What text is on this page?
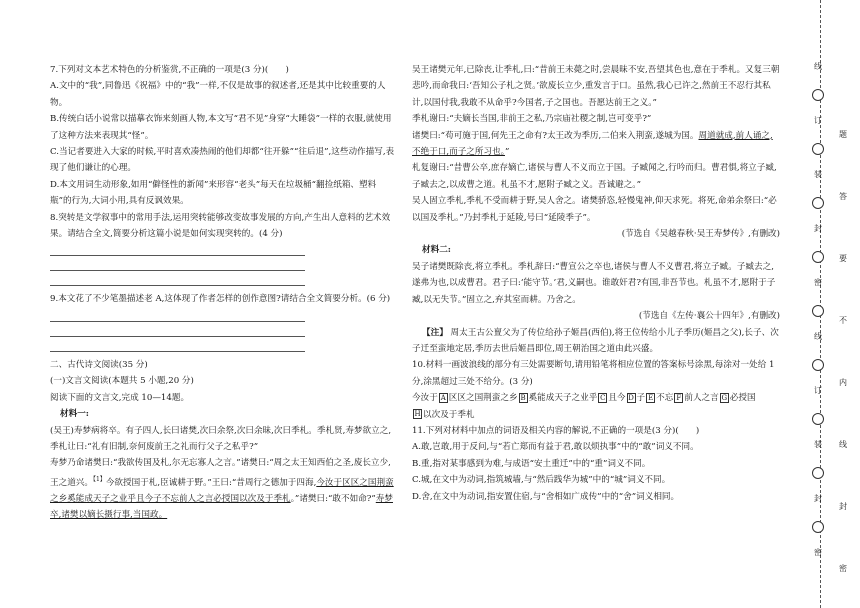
7.下列对文本艺术特色的分析鉴赏,不正确的一项是(3 分)(　　)

A.文中的“我”,同鲁迅《祝福》中的“我”一样,不仅是故事的叙述者,还是其中比较重要的人物。

B.传统白话小说常以描摹衣饰来刻画人物,本文写“君不见”身穿“大睡袋”一样的衣服,就使用了这种方法来表现其“怪”。

C.当记者要进入大家的时候,平时喜欢凑热闹的他们却都“往开躲”“往后退”,这些动作描写,表现了他们谦让的心理。

D.本文用词生动形象,如用“僻怪性的新闻”来形容“老头”每天在垃圾桶“翻捡纸箱、塑料瓶”的行为,大词小用,具有反讽效果。

8.突转是文学叙事中的常用手法,运用突转能够改变故事发展的方向,产生出人意料的艺术效果。请结合全文,简要分析这篇小说是如何实现突转的。(4 分)

9.本文花了不少笔墨描述老 A,这体现了作者怎样的创作意图?请结合全文简要分析。(6 分)

二、古代诗文阅读(35 分)

(一)文言文阅读(本题共 5 小题,20 分)

阅读下面的文言文,完成 10—14题。

材料一:

(吴王)寿梦病将卒。有子四人,长曰诸樊,次曰余祭,次曰余昧,次曰季札。季札贤,寿梦欲立之,季札让曰:“礼有旧制,奈何废前王之礼而行父子之私乎?”

寿梦乃命诸樊曰:“我欲传国及札,尔无忘寡人之言。”诸樊曰:“周之太王知西伯之圣,废长立少,王之道兴。$^{【1】}$今欲授国于札,臣诚耕于野。”王曰:“昔周行之德加于四海,今汝于区区之国荆蛮之乡奚能成天子之业乎且今子不忘前人之言必授国以次及于季札。”诸樊曰:“敢不如命?”寿梦卒,诸樊以嫡长摄行事,当国政。

吴王诸樊元年,已除丧,让季札,曰:“昔前王未薨之时,尝晨昧不安,吾望其色也,意在于季札。又复三朝悲吟,而命我曰:‘吾知公子札之贤。’欲废长立少,重发言于口。虽然,我心已许之,然前王不忍行其私计,以国付我,我敢不从命乎?今国者,子之国也。吾愿达前王之义。”

季札谢曰:“夫嫡长当国,非前王之私,乃宗庙社稷之制,岂可变乎?”

诸樊曰:“苟可施于国,何先王之命有?太王改为季历,二伯来入荆蛮,遂城为国。周道就成,前人诵之,不绝于口,而子之所习也。”

札复谢曰:“昔曹公卒,庶存嫡亡,诸侯与曹人不义而立于国。子臧闻之,行吟而归。曹君惧,将立子臧,子臧去之,以成曹之道。札虽不才,愿附子臧之义。吾诚避之。”

吴人固立季札,季札不受而耕于野,吴人舍之。诸樊骄恣,轻慢鬼神,仰天求死。将死,命弟余祭曰:“必以国及季札。”乃封季札于延陵,号曰“延陵季子”。

(节选自《吴越春秋·吴王寿梦传》,有删改)

材料二:

吴子诸樊既除丧,将立季札。季札辞曰:“曹宣公之卒也,诸侯与曹人不义曹君,将立子臧。子臧去之,遂弗为也,以成曹君。君子曰:‘能守节。’君,义嗣也。谁敢奸君?有国,非吾节也。札虽不才,愿附于子臧,以无失节。”固立之,弃其室而耕。乃舍之。

(节选自《左传·襄公十四年》,有删改)

【注】 周太王古公亶父为了传位给孙子姬昌(西伯),将王位传给小儿子季历(姬昌之父),长子、次子迁至蛮地定居,季历去世后姬昌即位,周王朝治国之道由此兴盛。

10.材料一画波浪线的部分有三处需要断句,请用铅笔将相应位置的答案标号涂黑,每涂对一处给 1 分,涂黑超过三处不给分。(3 分)

今汝于 A 区区之国荆蛮之乡 B 奚能成天子之业乎 C 且今 D 子 E 不忘 F 前人之言 G 必授国
H 以次及于季札

11.下列对材料中加点的词语及相关内容的解说,不正确的一项是(3 分)(　　)

A.敢,岂敢,用于反问,与“若亡郑而有益于君,敢以烦执事”中的“敢”词义不同。

B.重,指对某事感到为难,与成语“安土重迁”中的“重”词义不同。

C.城,在文中为动词,指筑城墙,与“然后践华为城”中的“城”词义不同。

D.舍,在文中为动词,指安置住宿,与“舍相如广成传”中的“舍”词义相同。

线
订
装
封
密
线
订
装
封
密
题
答
要
不
内
线
封
密
